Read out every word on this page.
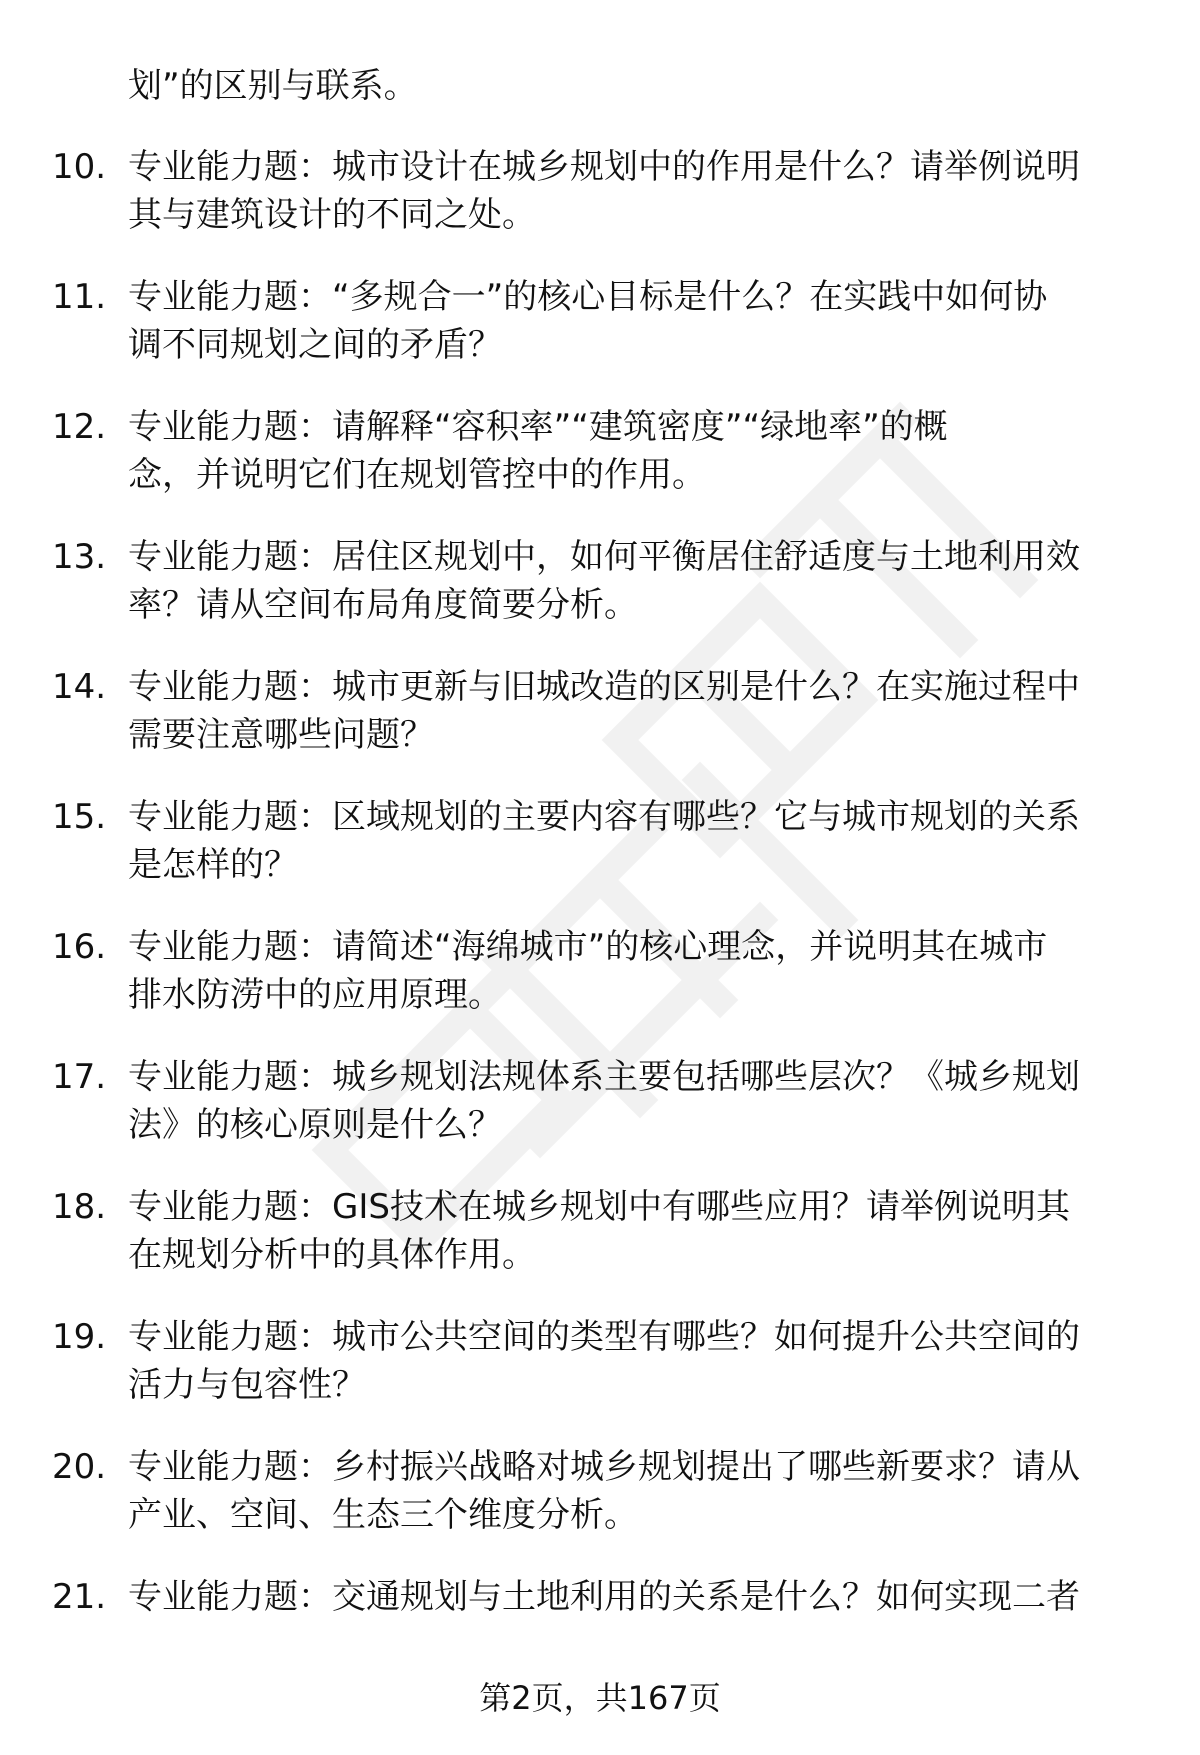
划”的区别与联系。
10. 专业能力题：城市设计在城乡规划中的作用是什么？请举例说明
其与建筑设计的不同之处。
11. 专业能力题：“多规合一”的核心目标是什么？在实践中如何协
调不同规划之间的矛盾？
12. 专业能力题：请解释“容积率”“建筑密度”“绿地率”的概
念，并说明它们在规划管控中的作用。
13. 专业能力题：居住区规划中，如何平衡居住舒适度与土地利用效
率？请从空间布局角度简要分析。
14. 专业能力题：城市更新与旧城改造的区别是什么？在实施过程中
需要注意哪些问题？
15. 专业能力题：区域规划的主要内容有哪些？它与城市规划的关系
是怎样的？
16. 专业能力题：请简述“海绵城市”的核心理念，并说明其在城市
排水防涝中的应用原理。
17. 专业能力题：城乡规划法规体系主要包括哪些层次？《城乡规划
法》的核心原则是什么？
18. 专业能力题：GIS技术在城乡规划中有哪些应用？请举例说明其
在规划分析中的具体作用。
19. 专业能力题：城市公共空间的类型有哪些？如何提升公共空间的
活力与包容性？
20. 专业能力题：乡村振兴战略对城乡规划提出了哪些新要求？请从
产业、空间、生态三个维度分析。
21. 专业能力题：交通规划与土地利用的关系是什么？如何实现二者
第2页，共167页
